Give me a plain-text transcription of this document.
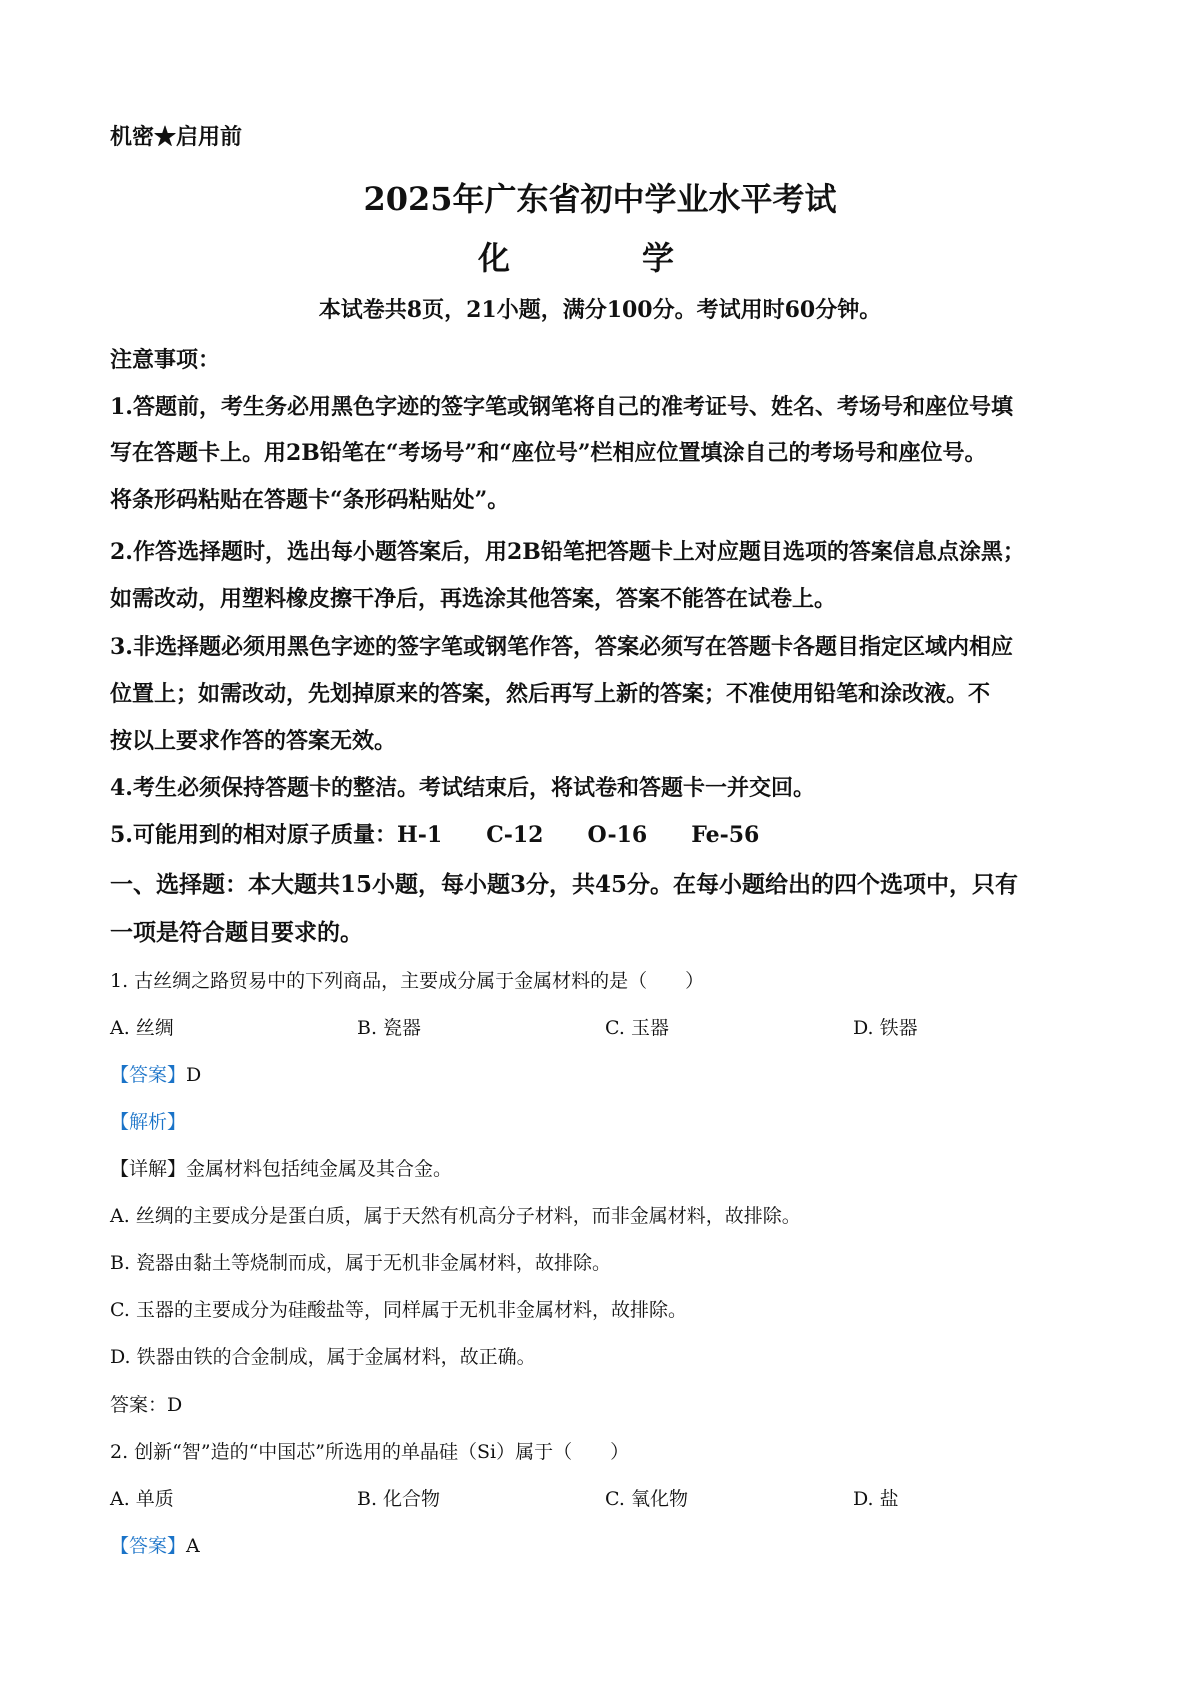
机密★启用前
2025年广东省初中学业水平考试
化	学
本试卷共8页，21小题，满分100分。考试用时60分钟。
注意事项：
1.答题前，考生务必用黑色字迹的签字笔或钢笔将自己的准考证号、姓名、考场号和座位号填
写在答题卡上。用2B铅笔在“考场号”和“座位号”栏相应位置填涂自己的考场号和座位号。
将条形码粘贴在答题卡“条形码粘贴处”。
2.作答选择题时，选出每小题答案后，用2B铅笔把答题卡上对应题目选项的答案信息点涂黑；
如需改动，用塑料橡皮擦干净后，再选涂其他答案，答案不能答在试卷上。
3.非选择题必须用黑色字迹的签字笔或钢笔作答，答案必须写在答题卡各题目指定区域内相应
位置上；如需改动，先划掉原来的答案，然后再写上新的答案；不准使用铅笔和涂改液。不
按以上要求作答的答案无效。
4.考生必须保持答题卡的整洁。考试结束后，将试卷和答题卡一并交回。
5.可能用到的相对原子质量：H-1 C-12 O-16 Fe-56
一、选择题：本大题共15小题，每小题3分，共45分。在每小题给出的四个选项中，只有
一项是符合题目要求的。
1. 古丝绸之路贸易中的下列商品，主要成分属于金属材料的是（　　）
A. 丝绸	B. 瓷器	C. 玉器	D. 铁器
【答案】D
【解析】
【详解】金属材料包括纯金属及其合金。
A. 丝绸的主要成分是蛋白质，属于天然有机高分子材料，而非金属材料，故排除。
B. 瓷器由黏土等烧制而成，属于无机非金属材料，故排除。
C. 玉器的主要成分为硅酸盐等，同样属于无机非金属材料，故排除。
D. 铁器由铁的合金制成，属于金属材料，故正确。
答案：D
2. 创新“智”造的“中国芯”所选用的单晶硅（Si）属于（　　）
A. 单质	B. 化合物	C. 氧化物	D. 盐
【答案】A
